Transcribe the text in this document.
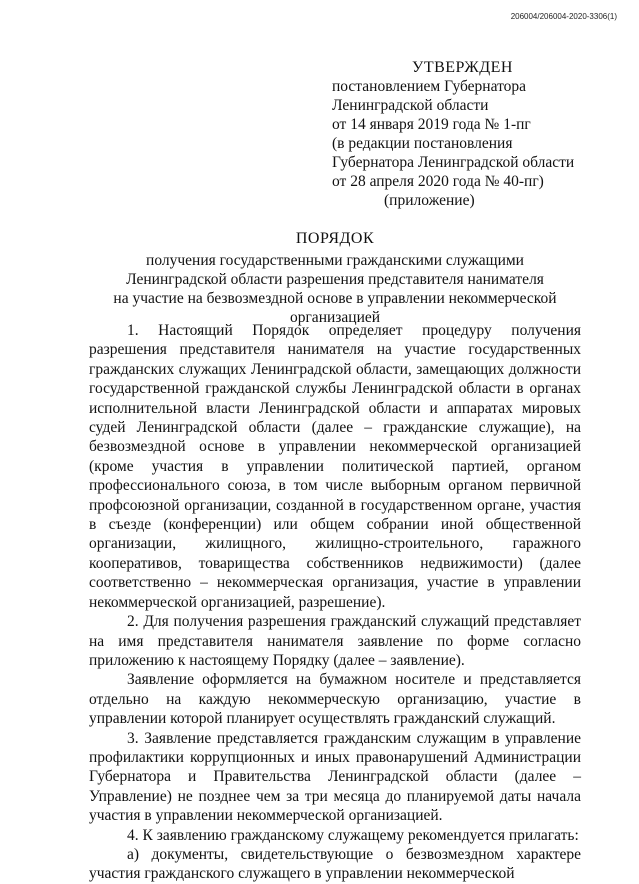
206004/206004-2020-3306(1)
УТВЕРЖДЕН
постановлением Губернатора
Ленинградской области
от 14 января 2019 года № 1-пг
(в редакции постановления
Губернатора Ленинградской области
от 28 апреля 2020 года № 40-пг)
(приложение)
ПОРЯДОК
получения государственными гражданскими служащими
Ленинградской области разрешения представителя нанимателя
на участие на безвозмездной основе в управлении некоммерческой
организацией

1. Настоящий Порядок определяет процедуру получения разрешения представителя нанимателя на участие государственных гражданских служащих Ленинградской области, замещающих должности государственной гражданской службы Ленинградской области в органах исполнительной власти Ленинградской области и аппаратах мировых судей Ленинградской области (далее – гражданские служащие), на безвозмездной основе в управлении некоммерческой организацией (кроме участия в управлении политической партией, органом профессионального союза, в том числе выборным органом первичной профсоюзной организации, созданной в государственном органе, участия в съезде (конференции) или общем собрании иной общественной организации, жилищного, жилищно-строительного, гаражного кооперативов, товарищества собственников недвижимости) (далее соответственно – некоммерческая организация, участие в управлении некоммерческой организацией, разрешение).

2. Для получения разрешения гражданский служащий представляет на имя представителя нанимателя заявление по форме согласно приложению к настоящему Порядку (далее – заявление).

Заявление оформляется на бумажном носителе и представляется отдельно на каждую некоммерческую организацию, участие в управлении которой планирует осуществлять гражданский служащий.

3. Заявление представляется гражданским служащим в управление профилактики коррупционных и иных правонарушений Администрации Губернатора и Правительства Ленинградской области (далее – Управление) не позднее чем за три месяца до планируемой даты начала участия в управлении некоммерческой организацией.

4. К заявлению гражданскому служащему рекомендуется прилагать:

а) документы, свидетельствующие о безвозмездном характере участия гражданского служащего в управлении некоммерческой
